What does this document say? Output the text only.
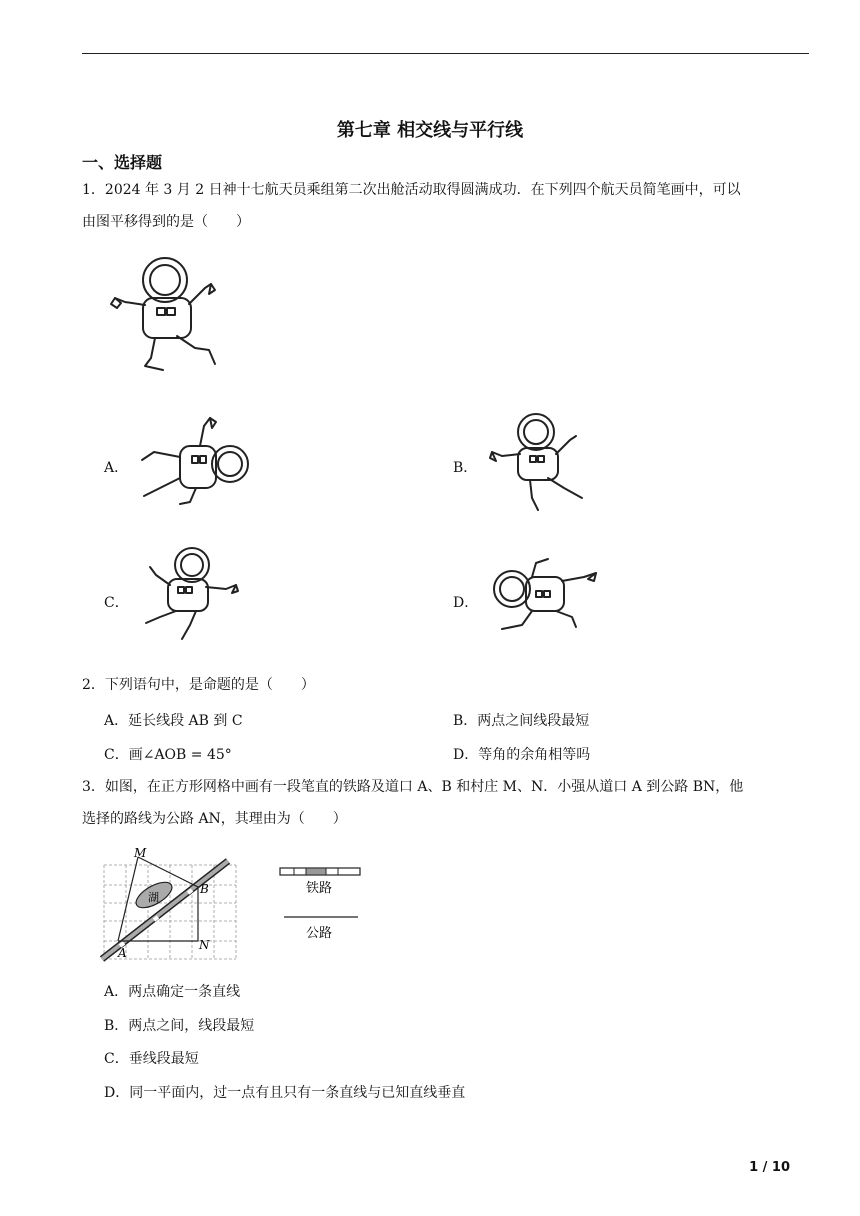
第七章 相交线与平行线
一、选择题
1．2024 年 3 月 2 日神十七航天员乘组第二次出舱活动取得圆满成功．在下列四个航天员简笔画中，可以
由图平移得到的是（　　）
A．	B．
C．	D．
2．下列语句中，是命题的是（　　）
A．延长线段 AB 到 C	B．两点之间线段最短
C．画∠AOB = 45°	D．等角的余角相等吗
3．如图，在正方形网格中画有一段笔直的铁路及道口 A、B 和村庄 M、N．小强从道口 A 到公路 BN，他
选择的路线为公路 AN，其理由为（　　）
湖
M
B
A
N
铁路
公路
A．两点确定一条直线
B．两点之间，线段最短
C．垂线段最短
D．同一平面内，过一点有且只有一条直线与已知直线垂直
1 / 10
